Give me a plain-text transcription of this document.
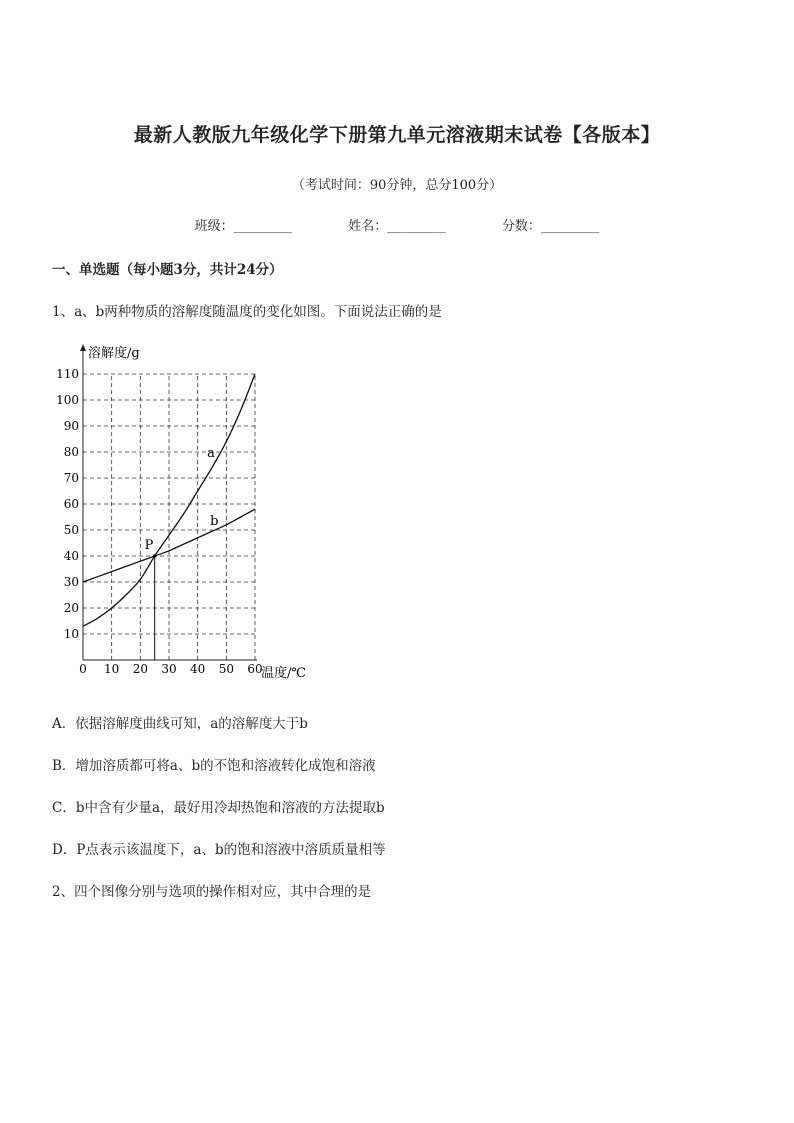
最新人教版九年级化学下册第九单元溶液期末试卷【各版本】
（考试时间：90分钟，总分100分）
班级：_________	姓名：_________	分数：_________
一、单选题（每小题3分，共计24分）
1、a、b两种物质的溶解度随温度的变化如图。下面说法正确的是
溶解度/g
温度/℃
10
20
30
40
50
60
70
80
90
100
110
0 10 20 30 40 50 60
a
b
P
A．依据溶解度曲线可知，a的溶解度大于b
B．增加溶质都可将a、b的不饱和溶液转化成饱和溶液
C．b中含有少量a，最好用冷却热饱和溶液的方法提取b
D．P点表示该温度下，a、b的饱和溶液中溶质质量相等
2、四个图像分别与选项的操作相对应，其中合理的是
